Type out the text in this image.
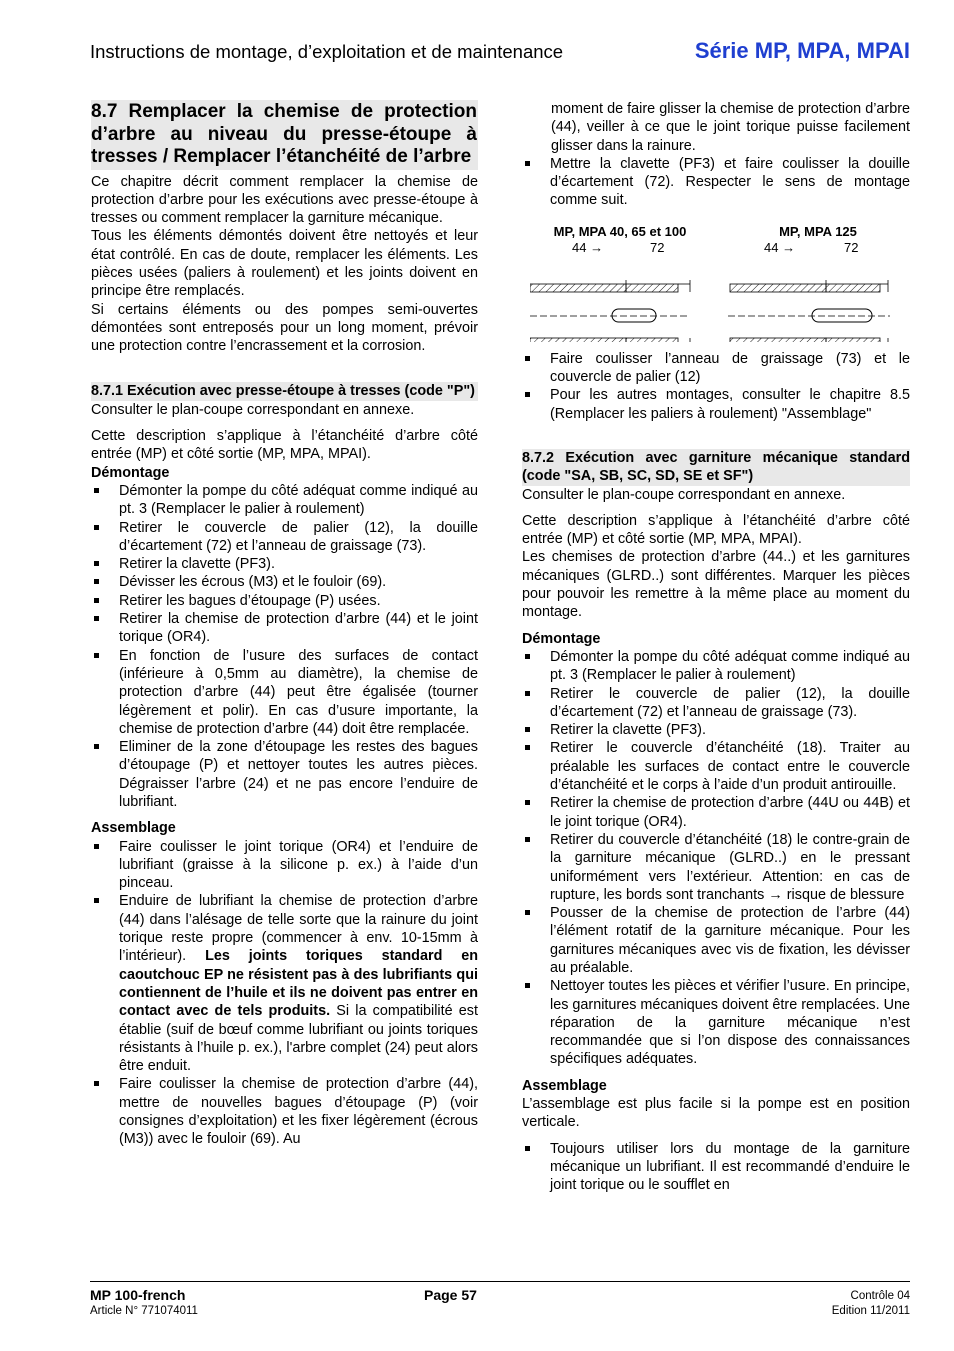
Instructions de montage, d’exploitation et de maintenance	Série MP, MPA, MPAI
8.7 Remplacer la chemise de protection d’arbre au niveau du presse-étoupe à tresses / Remplacer l’étanchéité de l’arbre

Ce chapitre décrit comment remplacer la chemise de protection d’arbre pour les exécutions avec presse-étoupe à tresses ou comment remplacer la garniture mécanique.

Tous les éléments démontés doivent être nettoyés et leur état contrôlé. En cas de doute, remplacer les éléments. Les pièces usées (paliers à roulement) et les joints doivent en principe être remplacés.

Si certains éléments ou des pompes semi-ouvertes démontées sont entreposés pour un long moment, prévoir une protection contre l’encrassement et la corrosion.

8.7.1 Exécution avec presse-étoupe à tresses (code "P")

Consulter le plan-coupe correspondant en annexe.

Cette description s’applique à l’étanchéité d’arbre côté entrée (MP) et côté sortie (MP, MPA, MPAI).

Démontage
Démonter la pompe du côté adéquat comme indiqué au pt. 3 (Remplacer le palier à roulement)
Retirer le couvercle de palier (12), la douille d’écartement (72) et l’anneau de graissage (73).
Retirer la clavette (PF3).
Dévisser les écrous (M3) et le fouloir (69).
Retirer les bagues d’étoupage (P) usées.
Retirer la chemise de protection d’arbre (44) et le joint torique (OR4).
En fonction de l’usure des surfaces de contact (inférieure à 0,5mm au diamètre), la chemise de protection d’arbre (44) peut être égalisée (tourner légèrement et polir). En cas d’usure importante, la chemise de protection d’arbre (44) doit être remplacée.
Eliminer de la zone d’étoupage les restes des bagues d’étoupage (P) et nettoyer toutes les autres pièces. Dégraisser l’arbre (24) et ne pas encore l’enduire de lubrifiant.
Assemblage
Faire coulisser le joint torique (OR4) et l’enduire de lubrifiant (graisse à la silicone p. ex.) à l’aide d’un pinceau.
Enduire de lubrifiant la chemise de protection d’arbre (44) dans l’alésage de telle sorte que la rainure du joint torique reste propre (commencer à env. 10-15mm à l’intérieur). Les joints toriques standard en caoutchouc EP ne résistent pas à des lubrifiants qui contiennent de l’huile et ils ne doivent pas entrer en contact avec de tels produits. Si la compatibilité est établie (suif de bœuf comme lubrifiant ou joints toriques résistants à l’huile p. ex.), l'arbre complet (24) peut alors être enduit.
Faire coulisser la chemise de protection d’arbre (44), mettre de nouvelles bagues d’étoupage (P) (voir consignes d’exploitation) et les fixer légèrement (écrous (M3)) avec le fouloir (69). Au

moment de faire glisser la chemise de protection d’arbre (44), veiller à ce que le joint torique puisse facilement glisser dans la rainure.

Mettre la clavette (PF3) et faire coulisser la douille d’écartement (72). Respecter le sens de montage comme suit.
MP, MPA 40, 65 et 100
44 →	72
MP, MPA 125
44 →	72
Faire coulisser l’anneau de graissage (73) et le couvercle de palier (12)
Pour les autres montages, consulter le chapitre 8.5 (Remplacer les paliers à roulement) "Assemblage"
8.7.2 Exécution avec garniture mécanique standard (code "SA, SB, SC, SD, SE et SF")

Consulter le plan-coupe correspondant en annexe.

Cette description s’applique à l’étanchéité d’arbre côté entrée (MP) et côté sortie (MP, MPA, MPAI).

Les chemises de protection d’arbre (44..) et les garnitures mécaniques (GLRD..) sont différentes. Marquer les pièces pour pouvoir les remettre à la même place au moment du montage.

Démontage
Démonter la pompe du côté adéquat comme indiqué au pt. 3 (Remplacer le palier à roulement)
Retirer le couvercle de palier (12), la douille d’écartement (72) et l’anneau de graissage (73).
Retirer la clavette (PF3).
Retirer le couvercle d’étanchéité (18). Traiter au préalable les surfaces de contact entre le couvercle d’étanchéité et le corps à l’aide d’un produit antirouille.
Retirer la chemise de protection d’arbre (44U ou 44B) et le joint torique (OR4).
Retirer du couvercle d’étanchéité (18) le contre-grain de la garniture mécanique (GLRD..) en le pressant uniformément vers l’extérieur. Attention: en cas de rupture, les bords sont tranchants → risque de blessure
Pousser de la chemise de protection de l’arbre (44) l’élément rotatif de la garniture mécanique. Pour les garnitures mécaniques avec vis de fixation, les dévisser au préalable.
Nettoyer toutes les pièces et vérifier l’usure. En principe, les garnitures mécaniques doivent être remplacées. Une réparation de la garniture mécanique n’est recommandée que si l’on dispose des connaissances spécifiques adéquates.
Assemblage

L’assemblage est plus facile si la pompe est en position verticale.

Toujours utiliser lors du montage de la garniture mécanique un lubrifiant. Il est recommandé d’enduire le joint torique ou le soufflet en
MP 100-french
Article N° 771074011
Page 57	Contrôle 04
Edition 11/2011
